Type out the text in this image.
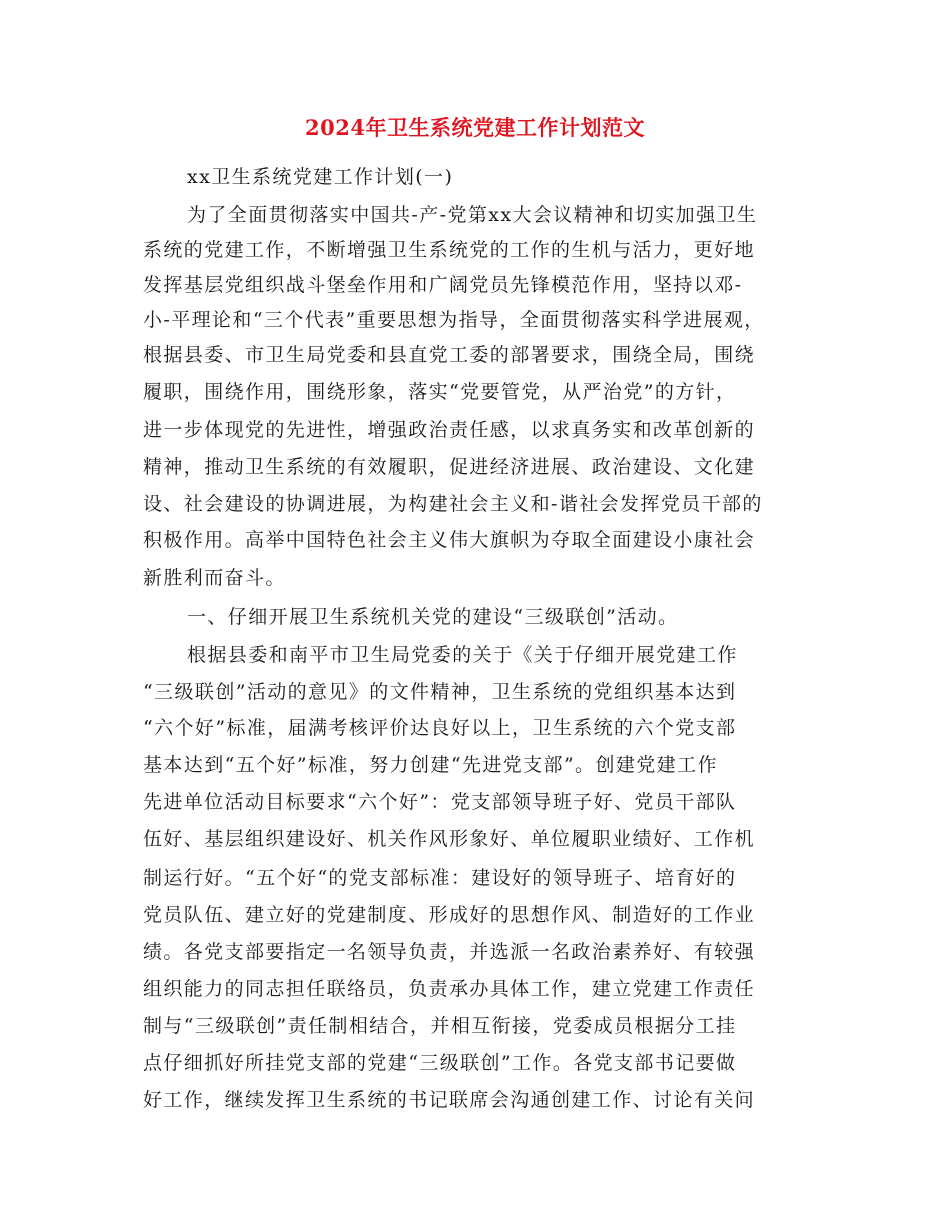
2024年卫生系统党建工作计划范文
xx卫生系统党建工作计划(一)
为了全面贯彻落实中国共-产-党第xx大会议精神和切实加强卫生
系统的党建工作，不断增强卫生系统党的工作的生机与活力，更好地
发挥基层党组织战斗堡垒作用和广阔党员先锋模范作用，坚持以邓-
小-平理论和“三个代表”重要思想为指导，全面贯彻落实科学进展观，
根据县委、市卫生局党委和县直党工委的部署要求，围绕全局，围绕
履职，围绕作用，围绕形象，落实“党要管党，从严治党”的方针，
进一步体现党的先进性，增强政治责任感，以求真务实和改革创新的
精神，推动卫生系统的有效履职，促进经济进展、政治建设、文化建
设、社会建设的协调进展，为构建社会主义和-谐社会发挥党员干部的
积极作用。高举中国特色社会主义伟大旗帜为夺取全面建设小康社会
新胜利而奋斗。
一、仔细开展卫生系统机关党的建设“三级联创”活动。
根据县委和南平市卫生局党委的关于《关于仔细开展党建工作
“三级联创”活动的意见》的文件精神，卫生系统的党组织基本达到
“六个好”标准，届满考核评价达良好以上，卫生系统的六个党支部
基本达到“五个好”标准，努力创建“先进党支部”。创建党建工作
先进单位活动目标要求“六个好”：党支部领导班子好、党员干部队
伍好、基层组织建设好、机关作风形象好、单位履职业绩好、工作机
制运行好。“五个好“的党支部标准：建设好的领导班子、培育好的
党员队伍、建立好的党建制度、形成好的思想作风、制造好的工作业
绩。各党支部要指定一名领导负责，并选派一名政治素养好、有较强
组织能力的同志担任联络员，负责承办具体工作，建立党建工作责任
制与“三级联创”责任制相结合，并相互衔接，党委成员根据分工挂
点仔细抓好所挂党支部的党建“三级联创”工作。各党支部书记要做
好工作，继续发挥卫生系统的书记联席会沟通创建工作、讨论有关问
